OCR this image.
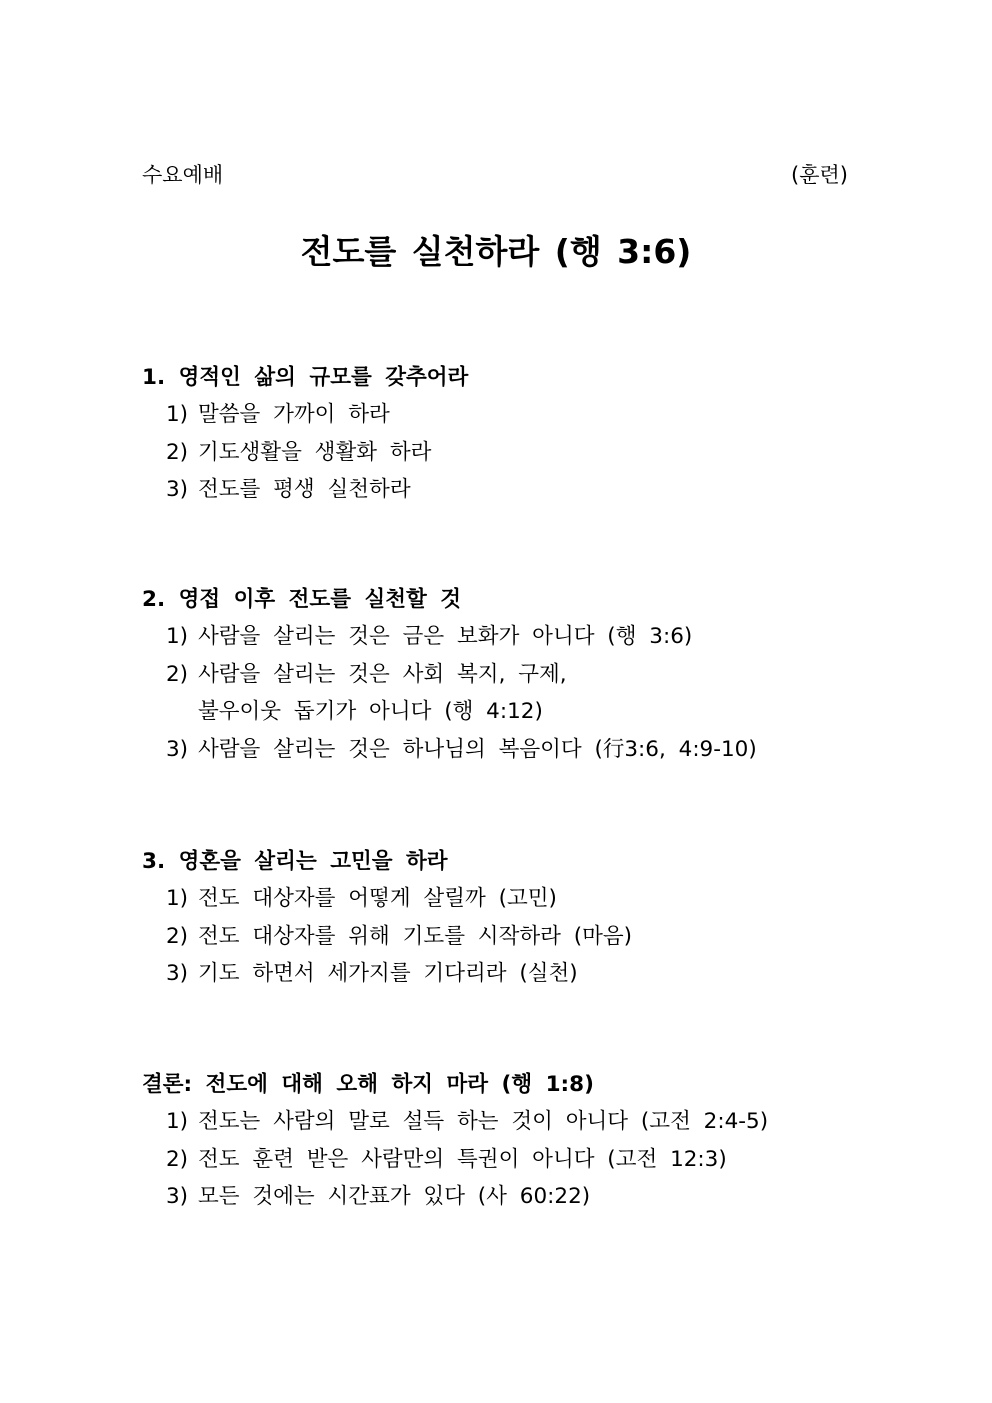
수요예배	(훈련)
전도를 실천하라 (행 3:6)
1. 영적인 삶의 규모를 갖추어라
1) 말씀을 가까이 하라
2) 기도생활을 생활화 하라
3) 전도를 평생 실천하라
2. 영접 이후 전도를 실천할 것
1) 사람을 살리는 것은 금은 보화가 아니다 (행 3:6)
2) 사람을 살리는 것은 사회 복지, 구제,
불우이웃 돕기가 아니다 (행 4:12)
3) 사람을 살리는 것은 하나님의 복음이다 (行3:6, 4:9-10)
3. 영혼을 살리는 고민을 하라
1) 전도 대상자를 어떻게 살릴까 (고민)
2) 전도 대상자를 위해 기도를 시작하라 (마음)
3) 기도 하면서 세가지를 기다리라 (실천)
결론: 전도에 대해 오해 하지 마라 (행 1:8)
1) 전도는 사람의 말로 설득 하는 것이 아니다 (고전 2:4-5)
2) 전도 훈련 받은 사람만의 특권이 아니다 (고전 12:3)
3) 모든 것에는 시간표가 있다 (사 60:22)
